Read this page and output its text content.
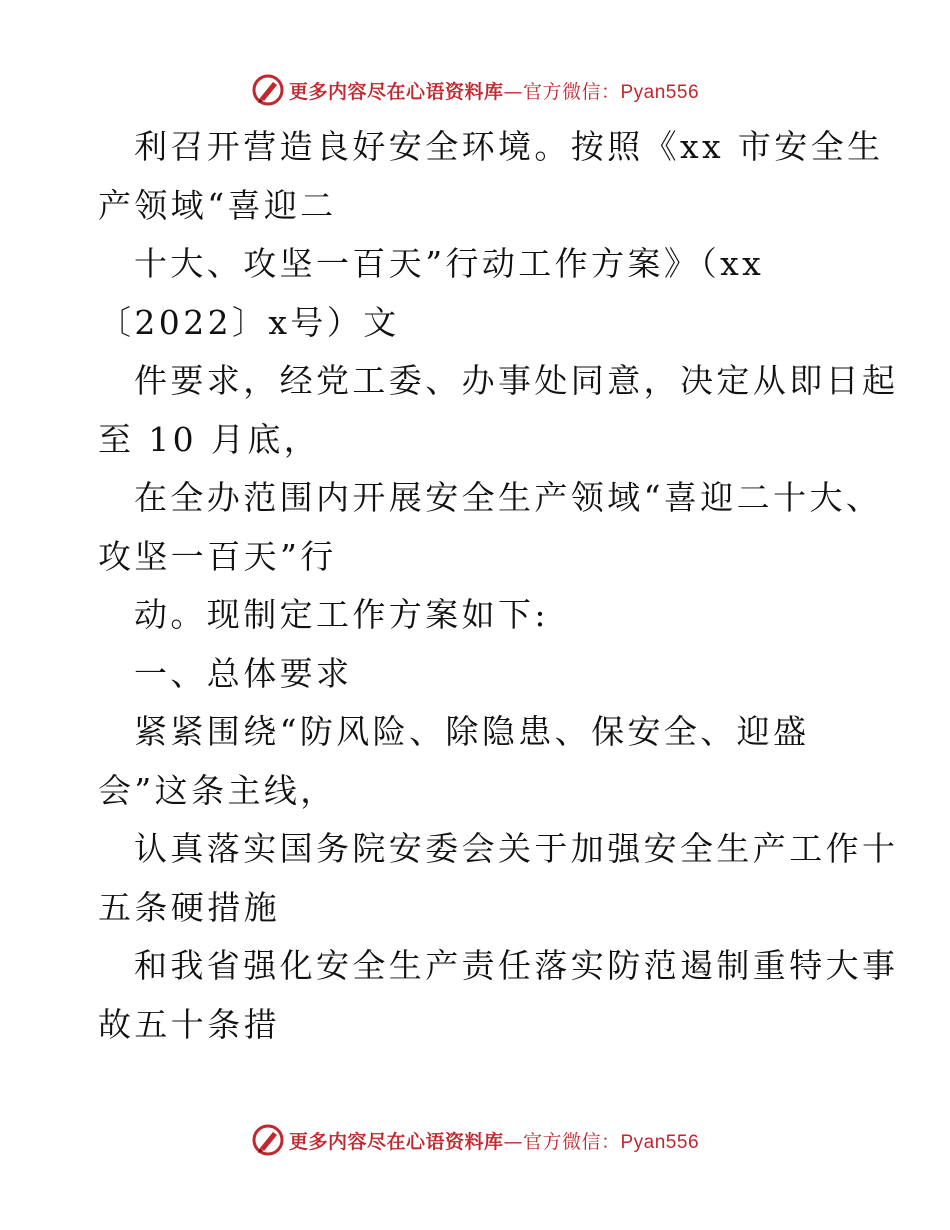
更多内容尽在心语资料库—官方微信：Pyan556
利召开营造良好安全环境。按照《xx 市安全生
产领域“喜迎二
十大、攻坚一百天”行动工作方案》（xx
〔2022〕x号）文
件要求，经党工委、办事处同意，决定从即日起
至 10 月底，
在全办范围内开展安全生产领域“喜迎二十大、
攻坚一百天”行
动。现制定工作方案如下:
一、总体要求
紧紧围绕“防风险、除隐患、保安全、迎盛
会”这条主线，
认真落实国务院安委会关于加强安全生产工作十
五条硬措施
和我省强化安全生产责任落实防范遏制重特大事
故五十条措
更多内容尽在心语资料库—官方微信：Pyan556
